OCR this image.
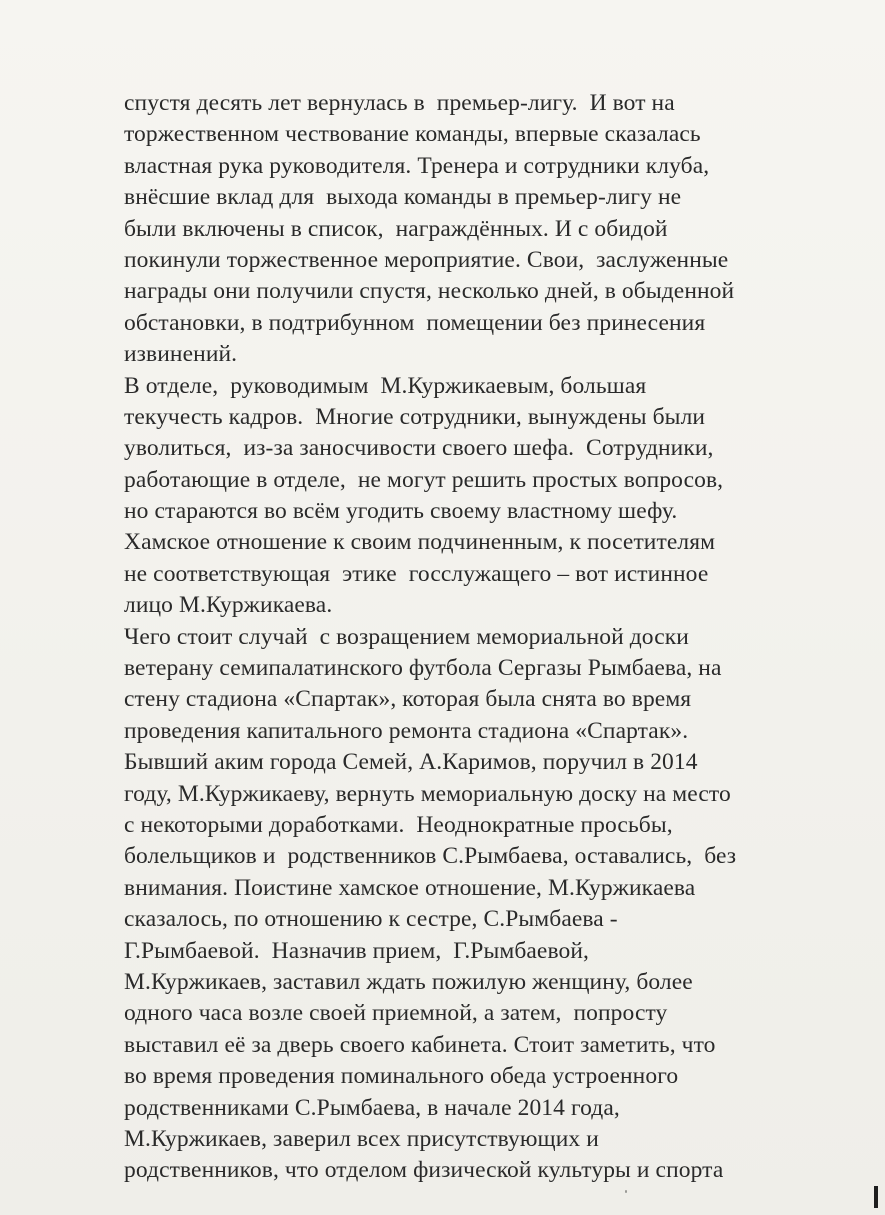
спустя десять лет вернулась в  премьер-лигу.  И вот на
торжественном чествование команды, впервые сказалась
властная рука руководителя. Тренера и сотрудники клуба,
внёсшие вклад для  выхода команды в премьер-лигу не
были включены в список,  награждённых. И с обидой
покинули торжественное мероприятие. Свои,  заслуженные
награды они получили спустя, несколько дней, в обыденной
обстановки, в подтрибунном  помещении без принесения
извинений.
В отделе,  руководимым  М.Куржикаевым, большая
текучесть кадров.  Многие сотрудники, вынуждены были
уволиться,  из-за заносчивости своего шефа.  Сотрудники,
работающие в отделе,  не могут решить простых вопросов,
но стараются во всём угодить своему властному шефу.
Хамское отношение к своим подчиненным, к посетителям
не соответствующая  этике  госслужащего – вот истинное
лицо М.Куржикаева.
Чего стоит случай  с возращением мемориальной доски
ветерану семипалатинского футбола Сергазы Рымбаева, на
стену стадиона «Спартак», которая была снята во время
проведения капитального ремонта стадиона «Спартак».
Бывший аким города Семей, А.Каримов, поручил в 2014
году, М.Куржикаеву, вернуть мемориальную доску на место
с некоторыми доработками.  Неоднократные просьбы,
болельщиков и  родственников С.Рымбаева, оставались,  без
внимания. Поистине хамское отношение, М.Куржикаева
сказалось, по отношению к сестре, С.Рымбаева -
Г.Рымбаевой.  Назначив прием,  Г.Рымбаевой,
М.Куржикаев, заставил ждать пожилую женщину, более
одного часа возле своей приемной, а затем,  попросту
выставил её за дверь своего кабинета. Стоит заметить, что
во время проведения поминального обеда устроенного
родственниками С.Рымбаева, в начале 2014 года,
М.Куржикаев, заверил всех присутствующих и
родственников, что отделом физической культуры и спорта
